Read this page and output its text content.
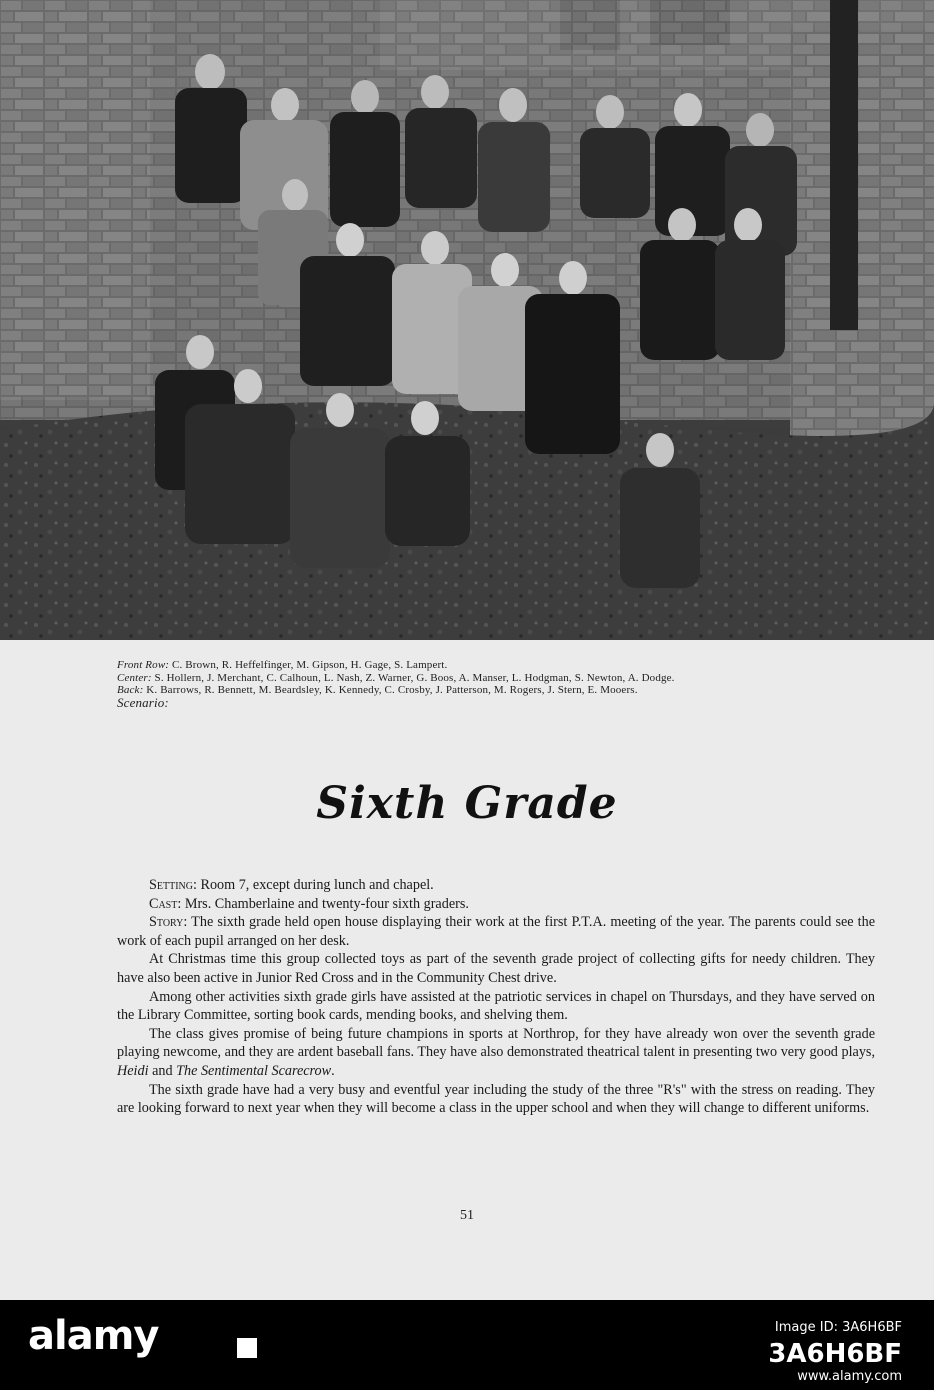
Front Row: C. Brown, R. Heffelfinger, M. Gipson, H. Gage, S. Lampert.
Center: S. Hollern, J. Merchant, C. Calhoun, L. Nash, Z. Warner, G. Boos, A. Manser, L. Hodgman, S. Newton, A. Dodge.
Back: K. Barrows, R. Bennett, M. Beardsley, K. Kennedy, C. Crosby, J. Patterson, M. Rogers, J. Stern, E. Mooers.
Scenario:
Sixth Grade

Setting: Room 7, except during lunch and chapel.

Cast: Mrs. Chamberlaine and twenty-four sixth graders.

Story: The sixth grade held open house displaying their work at the first P.T.A. meeting of the year. The parents could see the work of each pupil arranged on her desk.

At Christmas time this group collected toys as part of the seventh grade project of collecting gifts for needy children. They have also been active in Junior Red Cross and in the Community Chest drive.

Among other activities sixth grade girls have assisted at the patriotic services in chapel on Thursdays, and they have served on the Library Committee, sorting book cards, mending books, and shelving them.

The class gives promise of being future champions in sports at Northrop, for they have already won over the seventh grade playing newcome, and they are ardent baseball fans. They have also demonstrated theatrical talent in presenting two very good plays, Heidi and The Sentimental Scarecrow.

The sixth grade have had a very busy and eventful year including the study of the three "R's" with the stress on reading. They are looking forward to next year when they will become a class in the upper school and when they will change to different uniforms.

51
alamy	Image ID: 3A6H6BF
3A6H6BF
www.alamy.com
